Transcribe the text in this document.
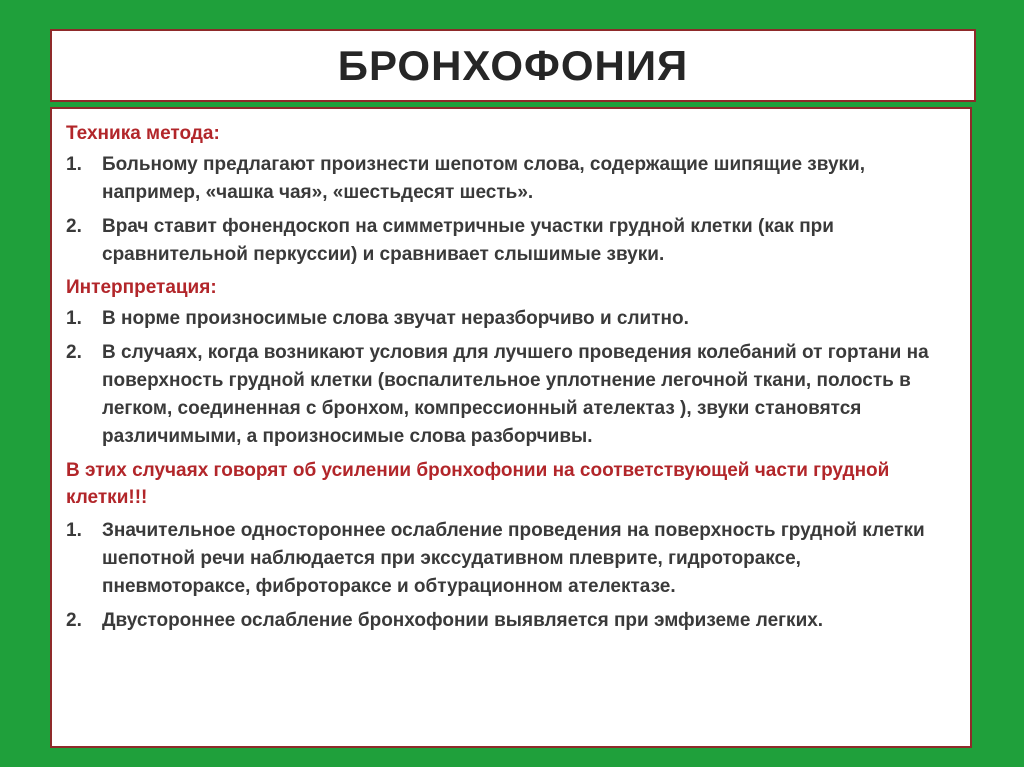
БРОНХОФОНИЯ
Техника метода:
1.	Больному предлагают произнести шепотом слова, содержащие шипящие звуки, например, «чашка чая», «шестьдесят шесть».
2.	Врач ставит фонендоскоп на симметричные участки грудной клетки (как при сравнительной перкуссии) и сравнивает слышимые звуки.
Интерпретация:
1.	В норме произносимые слова звучат неразборчиво и слитно.
2.	В случаях, когда возникают условия для лучшего проведения колебаний от гортани на поверхность грудной клетки (воспалительное уплотнение легочной ткани, полость в легком, соединенная с бронхом, компрессионный ателектаз ), звуки становятся различимыми, а произносимые слова разборчивы.
В этих случаях говорят об усилении бронхофонии на соответствующей части грудной клетки!!!
1.	Значительное одностороннее ослабление проведения на поверхность грудной клетки шепотной речи наблюдается при экссудативном плеврите, гидротораксе, пневмотораксе, фиброторaксе и обтурационном ателектазе.
2.	Двустороннее ослабление бронхофонии выявляется при эмфиземе легких.
